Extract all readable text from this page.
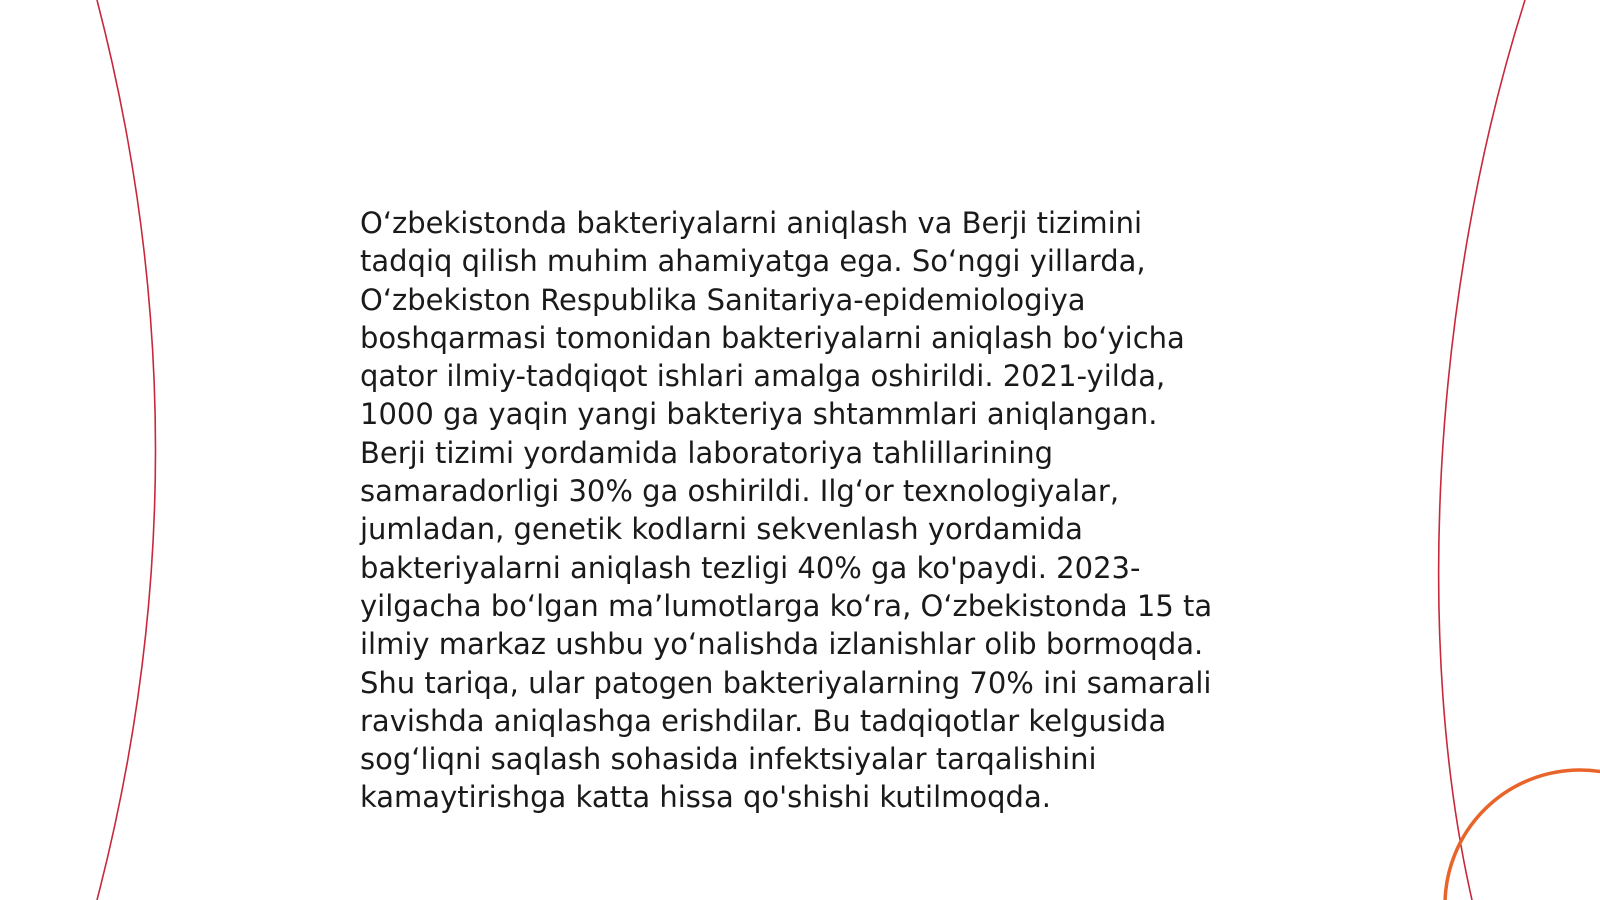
O‘zbekistonda bakteriyalarni aniqlash va Berji tizimini
tadqiq qilish muhim ahamiyatga ega. So‘nggi yillarda,
O‘zbekiston Respublika Sanitariya-epidemiologiya
boshqarmasi tomonidan bakteriyalarni aniqlash bo‘yicha
qator ilmiy-tadqiqot ishlari amalga oshirildi. 2021-yilda,
1000 ga yaqin yangi bakteriya shtammlari aniqlangan.
Berji tizimi yordamida laboratoriya tahlillarining
samaradorligi 30% ga oshirildi. Ilg‘or texnologiyalar,
jumladan, genetik kodlarni sekvenlash yordamida
bakteriyalarni aniqlash tezligi 40% ga ko'paydi. 2023-
yilgacha bo‘lgan ma’lumotlarga ko‘ra, O‘zbekistonda 15 ta
ilmiy markaz ushbu yo‘nalishda izlanishlar olib bormoqda.
Shu tariqa, ular patogen bakteriyalarning 70% ini samarali
ravishda aniqlashga erishdilar. Bu tadqiqotlar kelgusida
sog‘liqni saqlash sohasida infektsiyalar tarqalishini
kamaytirishga katta hissa qo'shishi kutilmoqda.
